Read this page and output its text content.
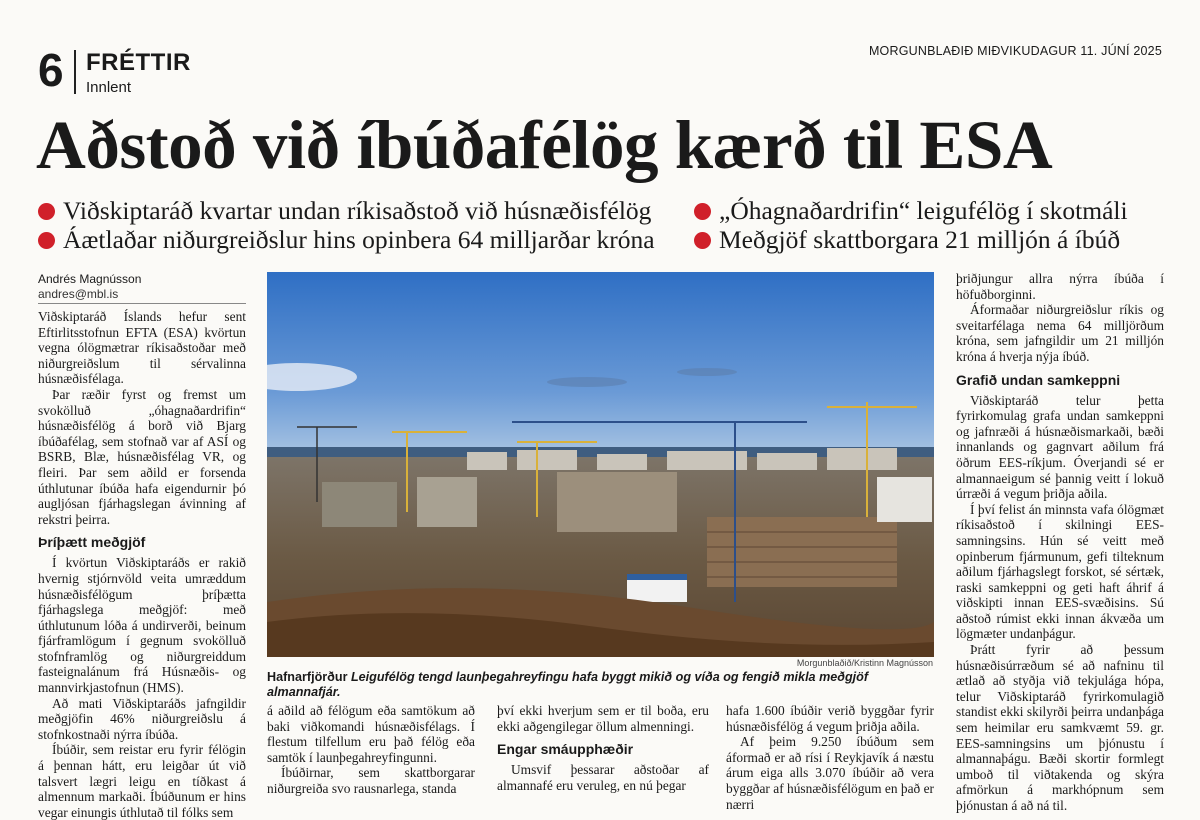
6 FRÉTTIR
Innlent
MORGUNBLAÐIÐ MIÐVIKUDAGUR 11. JÚNÍ 2025
Aðstoð við íbúðafélög kærð til ESA
Viðskiptaráð kvartar undan ríkisaðstoð við húsnæðisfélög	„Óhagnaðardrifin“ leigufélög í skotmáli
Áætlaðar niðurgreiðslur hins opinbera 64 milljarðar króna	Meðgjöf skattborgara 21 milljón á íbúð
Andrés Magnússon
andres@mbl.is

Viðskiptaráð Íslands hefur sent Eftirlitsstofnun EFTA (ESA) kvörtun vegna ólögmætrar ríkisaðstoðar með niðurgreiðslum til sérvalinna húsnæðisfélaga.

Þar ræðir fyrst og fremst um svokölluð „óhagnaðardrifin“ húsnæðisfélög á borð við Bjarg íbúðafélag, sem stofnað var af ASÍ og BSRB, Blæ, húsnæðisfélag VR, og fleiri. Þar sem aðild er forsenda úthlutunar íbúða hafa eigendurnir þó augljósan fjárhagslegan ávinning af rekstri þeirra.

Þríþætt meðgjöf

Í kvörtun Viðskiptaráðs er rakið hvernig stjórnvöld veita umræddum húsnæðisfélögum þríþætta fjárhagslega meðgjöf: með úthlutunum lóða á undirverði, beinum fjárframlögum í gegnum svokölluð stofnframlög og niðurgreiddum fasteignalánum frá Húsnæðis- og mannvirkjastofnun (HMS).

Að mati Viðskiptaráðs jafngildir meðgjöfin 46% niðurgreiðslu á stofnkostnaði nýrra íbúða.

Íbúðir, sem reistar eru fyrir félögin á þennan hátt, eru leigðar út við talsvert lægri leigu en tíðkast á almennum markaði. Íbúðunum er hins vegar einungis úthlutað til fólks sem

Morgunblaðið/Kristinn Magnússon
Hafnarfjörður Leigufélög tengd launþegahreyfingu hafa byggt mikið og víða og fengið mikla meðgjöf almannafjár.

á aðild að félögum eða samtökum að baki viðkomandi húsnæðisfélags. Í flestum tilfellum eru það félög eða samtök í launþegahreyfingunni.

Íbúðirnar, sem skattborgarar niðurgreiða svo rausnarlega, standa

því ekki hverjum sem er til boða, eru ekki aðgengilegar öllum almenningi.

Engar smáupphæðir

Umsvif þessarar aðstoðar af almannafé eru veruleg, en nú þegar

hafa 1.600 íbúðir verið byggðar fyrir húsnæðisfélög á vegum þriðja aðila.

Af þeim 9.250 íbúðum sem áformað er að rísi í Reykjavík á næstu árum eiga alls 3.070 íbúðir að vera byggðar af húsnæðisfélögum en það er nærri

þriðjungur allra nýrra íbúða í höfuðborginni.

Áformaðar niðurgreiðslur ríkis og sveitarfélaga nema 64 milljörðum króna, sem jafngildir um 21 milljón króna á hverja nýja íbúð.

Grafið undan samkeppni

Viðskiptaráð telur þetta fyrirkomulag grafa undan samkeppni og jafnræði á húsnæðismarkaði, bæði innanlands og gagnvart aðilum frá öðrum EES-ríkjum. Óverjandi sé er almannaeigum sé þannig veitt í lokuð úrræði á vegum þriðja aðila.

Í því felist án minnsta vafa ólögmæt ríkisaðstoð í skilningi EES-samningsins. Hún sé veitt með opinberum fjármunum, gefi tilteknum aðilum fjárhagslegt forskot, sé sértæk, raski samkeppni og geti haft áhrif á viðskipti innan EES-svæðisins. Sú aðstoð rúmist ekki innan ákvæða um lögmæter undanþágur.

Þrátt fyrir að þessum húsnæðisúrræðum sé að nafninu til ætlað að styðja við tekjulága hópa, telur Viðskiptaráð fyrirkomulagið standist ekki skilyrði þeirra undanþága sem heimilar eru samkvæmt 59. gr. EES-samningsins um þjónustu í almannaþágu. Bæði skortir formlegt umboð til viðtakenda og skýra afmörkun á markhópnum sem þjónustan á að ná til.
